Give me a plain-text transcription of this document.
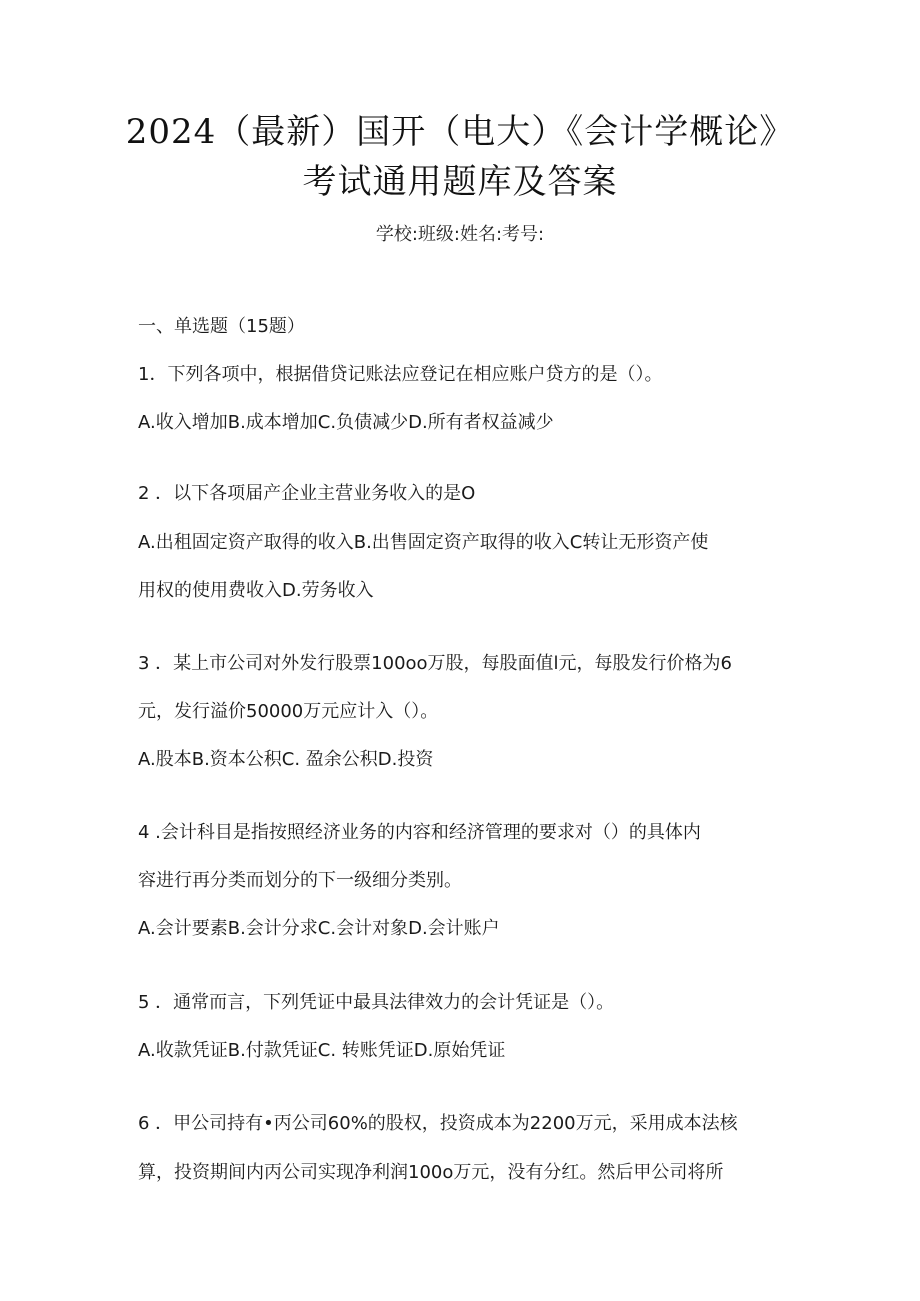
2024（最新）国开（电大）《会计学概论》
考试通用题库及答案
学校:班级:姓名:考号:
一、单选题（15题）
1．下列各项中，根据借贷记账法应登记在相应账户贷方的是（）。
A.收入增加B.成本增加C.负债减少D.所有者权益减少
2 ．以下各项届产企业主营业务收入的是O
A.出租固定资产取得的收入B.出售固定资产取得的收入C转让无形资产使
用权的使用费收入D.劳务收入
3 ．某上市公司对外发行股票100oo万股，每股面值l元，每股发行价格为6
元，发行溢价50000万元应计入（）。
A.股本B.资本公积C. 盈余公积D.投资
4 .会计科目是指按照经济业务的内容和经济管理的要求对（）的具体内
容进行再分类而划分的下一级细分类别。
A.会计要素B.会计分求C.会计对象D.会计账户
5 ．通常而言，下列凭证中最具法律效力的会计凭证是（）。
A.收款凭证B.付款凭证C. 转账凭证D.原始凭证
6 ．甲公司持有•丙公司60%的股权，投资成本为2200万元，采用成本法核
算，投资期间内丙公司实现净利润100o万元，没有分红。然后甲公司将所
